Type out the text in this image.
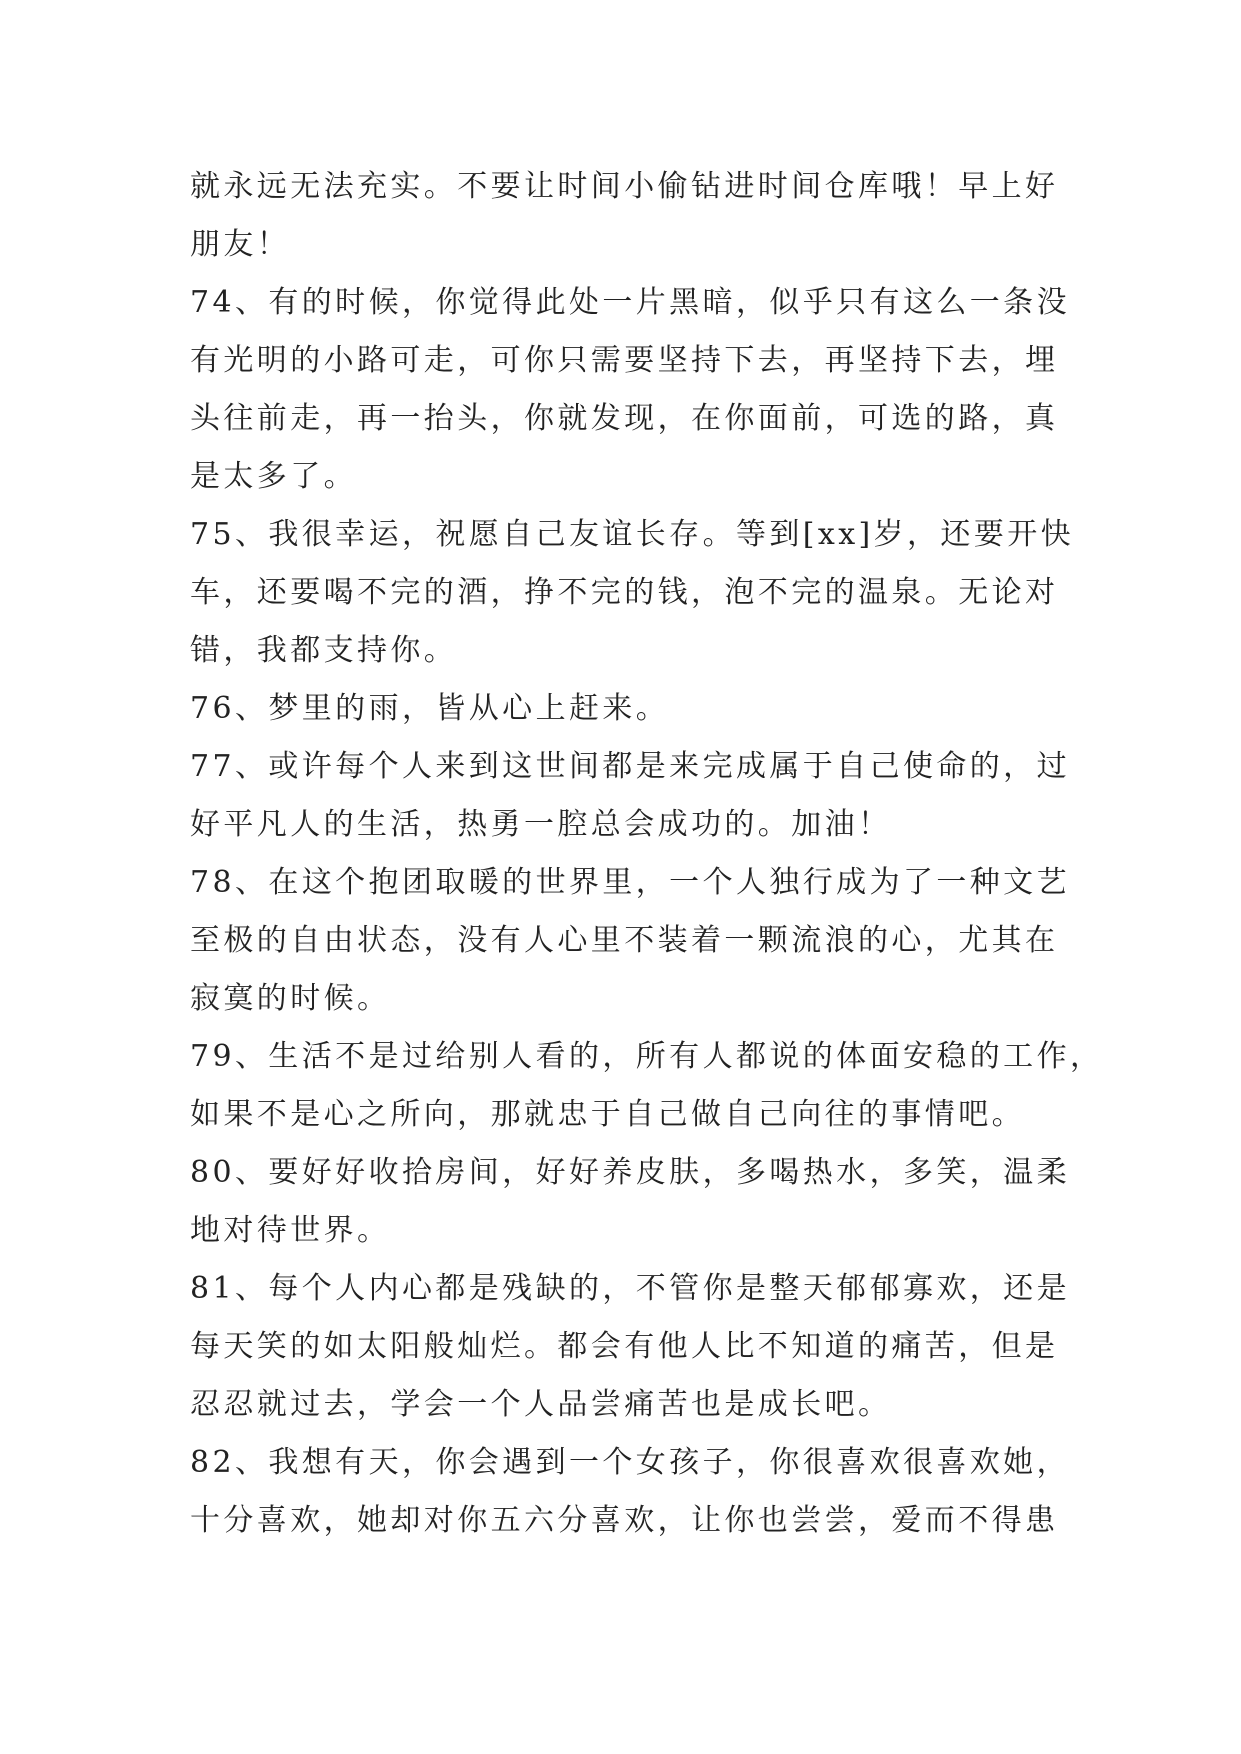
就永远无法充实。不要让时间小偷钻进时间仓库哦！早上好
朋友！

74、有的时候，你觉得此处一片黑暗，似乎只有这么一条没
有光明的小路可走，可你只需要坚持下去，再坚持下去，埋
头往前走，再一抬头，你就发现，在你面前，可选的路，真
是太多了。

75、我很幸运，祝愿自己友谊长存。等到[xx]岁，还要开快
车，还要喝不完的酒，挣不完的钱，泡不完的温泉。无论对
错，我都支持你。

76、梦里的雨，皆从心上赶来。

77、或许每个人来到这世间都是来完成属于自己使命的，过
好平凡人的生活，热勇一腔总会成功的。加油！

78、在这个抱团取暖的世界里，一个人独行成为了一种文艺
至极的自由状态，没有人心里不装着一颗流浪的心，尤其在
寂寞的时候。

79、生活不是过给别人看的，所有人都说的体面安稳的工作，
如果不是心之所向，那就忠于自己做自己向往的事情吧。

80、要好好收拾房间，好好养皮肤，多喝热水，多笑，温柔
地对待世界。

81、每个人内心都是残缺的，不管你是整天郁郁寡欢，还是
每天笑的如太阳般灿烂。都会有他人比不知道的痛苦，但是
忍忍就过去，学会一个人品尝痛苦也是成长吧。

82、我想有天，你会遇到一个女孩子，你很喜欢很喜欢她，
十分喜欢，她却对你五六分喜欢，让你也尝尝，爱而不得患
